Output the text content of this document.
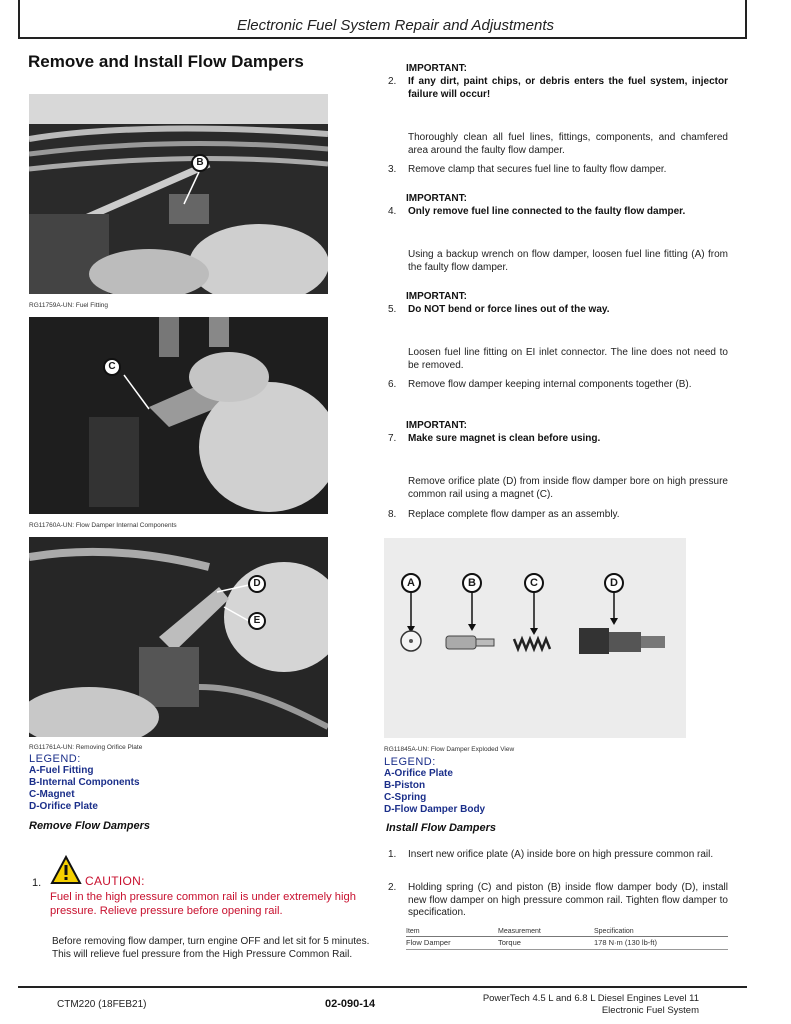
Electronic Fuel System Repair and Adjustments
Remove and Install Flow Dampers
B
RG11759A-UN: Fuel Fitting
C
RG11760A-UN: Flow Damper Internal Components
D
E
RG11761A-UN: Removing Orifice Plate
LEGEND:
A-Fuel Fitting
B-Internal Components
C-Magnet
D-Orifice Plate
Remove Flow Dampers
1.	CAUTION:
Fuel in the high pressure common rail is under extremely high pressure. Relieve pressure before opening rail.
Before removing flow damper, turn engine OFF and let sit for 5 minutes. This will relieve fuel pressure from the High Pressure Common Rail.
IMPORTANT:
2. If any dirt, paint chips, or debris enters the fuel system, injector failure will occur!
Thoroughly clean all fuel lines, fittings, components, and chamfered area around the faulty flow damper.
3. Remove clamp that secures fuel line to faulty flow damper.
IMPORTANT:
4. Only remove fuel line connected to the faulty flow damper.
Using a backup wrench on flow damper, loosen fuel line fitting (A) from the faulty flow damper.
IMPORTANT:
5. Do NOT bend or force lines out of the way.
Loosen fuel line fitting on EI inlet connector. The line does not need to be removed.
6. Remove flow damper keeping internal components together (B).
IMPORTANT:
7. Make sure magnet is clean before using.
Remove orifice plate (D) from inside flow damper bore on high pressure common rail using a magnet (C).
8. Replace complete flow damper as an assembly.
A	B	C	D
RG11845A-UN: Flow Damper Exploded View
LEGEND:
A-Orifice Plate
B-Piston
C-Spring
D-Flow Damper Body
Install Flow Dampers
1. Insert new orifice plate (A) inside bore on high pressure common rail.
2. Holding spring (C) and piston (B) inside flow damper body (D), install new flow damper on high pressure common rail. Tighten flow damper to specification.
Item	Measurement	Specification
Flow Damper	Torque	178 N·m (130 lb-ft)
CTM220 (18FEB21)	02-090-14	PowerTech 4.5 L and 6.8 L Diesel Engines Level 11
Electronic Fuel System
